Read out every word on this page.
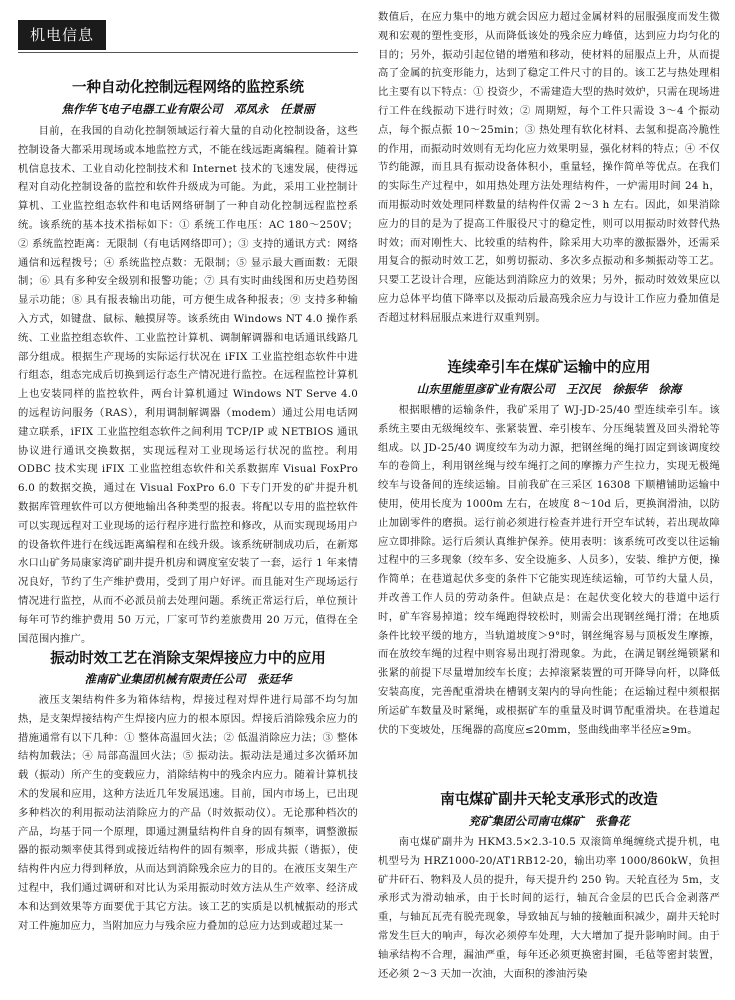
机电信息
一种自动化控制远程网络的监控系统
焦作华飞电子电器工业有限公司　邓凤永　任景丽

目前，在我国的自动化控制领域运行着大量的自动化控制设备，这些控制设备大都采用现场或本地监控方式，不能在线远距离编程。随着计算机信息技术、工业自动化控制技术和 Internet 技术的飞速发展，使得远程对自动化控制设备的监控和软件升级成为可能。为此，采用工业控制计算机、工业监控组态软件和电话网络研制了一种自动化控制远程监控系统。该系统的基本技术指标如下：① 系统工作电压：AC 180～250V；② 系统监控距离：无限制（有电话网络即可）；③ 支持的通讯方式：网络通信和远程拨号；④ 系统监控点数：无限制；⑤ 显示最大画面数：无限制；⑥ 具有多种安全级别和报警功能；⑦ 具有实时曲线图和历史趋势图显示功能；⑧ 具有报表输出功能，可方便生成各种报表；⑨ 支持多种输入方式，如键盘、鼠标、触摸屏等。该系统由 Windows NT 4.0 操作系统、工业监控组态软件、工业监控计算机、调制解调器和电话通讯线路几部分组成。根据生产现场的实际运行状况在 iFIX 工业监控组态软件中进行组态，组态完成后切换到运行态生产情况进行监控。在远程监控计算机上也安装同样的监控软件，两台计算机通过 Windows NT Serve 4.0 的远程访问服务（RAS），利用调制解调器（modem）通过公用电话网建立联系，iFIX 工业监控组态软件之间利用 TCP/IP 或 NETBIOS 通讯协议进行通讯交换数据，实现远程对工业现场运行状况的监控。利用 ODBC 技术实现 iFIX 工业监控组态软件和关系数据库 Visual FoxPro 6.0 的数据交换，通过在 Visual FoxPro 6.0 下专门开发的矿井提升机数据库管理软件可以方便地输出各种类型的报表。将配以专用的监控软件可以实现远程对工业现场的运行程序进行监控和修改，从而实现现场用户的设备软件进行在线远距离编程和在线升级。该系统研制成功后，在新郑水口山矿务局康家湾矿副井提升机房和调度室安装了一套，运行 1 年来情况良好，节约了生产维护费用，受到了用户好评。而且能对生产现场运行情况进行监控，从而不必派员前去处理问题。系统正常运行后，单位预计每年可节约维护费用 50 万元，厂家可节约差旅费用 20 万元，值得在全国范围内推广。

振动时效工艺在消除支架焊接应力中的应用
淮南矿业集团机械有限责任公司　张廷华

液压支架结构件多为箱体结构，焊接过程对焊件进行局部不均匀加热，是支架焊接结构产生焊接内应力的根本原因。焊接后消除残余应力的措施通常有以下几种：① 整体高温回火法；② 低温消除应力法；③ 整体结构加载法；④ 局部高温回火法；⑤ 振动法。振动法是通过多次循环加载（振动）所产生的变载应力，消除结构中的残余内应力。随着计算机技术的发展和应用，这种方法近几年发展迅速。目前，国内市场上，已出现多种档次的利用振动法消除应力的产品（时效振动仪）。无论那种档次的产品，均基于同一个原理，即通过测量结构件自身的固有频率，调整激振器的振动频率使其得到或接近结构件的固有频率，形成共振（谐振），使结构件内应力得到释放，从而达到消除残余应力的目的。在液压支架生产过程中，我们通过调研和对比认为采用振动时效方法从生产效率、经济成本和达到效果等方面要优于其它方法。该工艺的实质是以机械振动的形式对工件施加应力，当附加应力与残余应力叠加的总应力达到或超过某一

数值后，在应力集中的地方就会因应力超过金属材料的屈服强度而发生微观和宏观的塑性变形，从而降低该处的残余应力峰值，达到应力均匀化的目的；另外，振动引起位错的增殖和移动，使材料的屈服点上升，从而提高了金属的抗变形能力，达到了稳定工件尺寸的目的。该工艺与热处理相比主要有以下特点：① 投资少，不需建造大型的热时效炉，只需在现场进行工件在线振动下进行时效；② 周期短，每个工件只需设 3～4 个振动点，每个振点振 10～25min；③ 热处理有软化材料、去氢和提高冷脆性的作用，而振动时效则有无均化应力效果明显，强化材料的特点；④ 不仅节约能源，而且具有振动设备体积小，重量轻，操作简单等优点。在我们的实际生产过程中，如用热处理方法处理结构件，一炉需用时间 24 h，而用振动时效处理同样数量的结构件仅需 2～3 h 左右。因此，如果消除应力的目的是为了提高工件服役尺寸的稳定性，则可以用振动时效替代热时效；而对刚性大、比较重的结构件，除采用大功率的激振器外，还需采用复合的振动时效工艺，如剪切振动、多次多点振动和多频振动等工艺。只要工艺设计合理，应能达到消除应力的效果；另外，振动时效效果应以应力总体平均值下降率以及振动后最高残余应力与设计工作应力叠加值是否超过材料屈服点来进行双重判别。

连续牵引车在煤矿运输中的应用
山东里能里彦矿业有限公司　王汉民　徐振华　徐海

根据眼槽的运输条件，我矿采用了 WJ-JD-25/40 型连续牵引车。该系统主要由无级绳绞车、张紧装置、牵引梭车、分压绳装置及回头滑轮等组成。以 JD-25/40 调度绞车为动力源，把钢丝绳的绳打固定到该调度绞车的卷筒上，利用钢丝绳与绞车绳打之间的摩擦力产生拉力，实现无极绳绞车与设备间的连续运输。目前我矿在三采区 16308 下顺槽铺助运输中使用，使用长度为 1000m 左右，在坡度 8～10d 后，更换润滑油，以防止加剧零件的磨损。运行前必须进行检查并进行开空车试转，若出现故障应立即排除。运行后须认真维护保养。使用表明：该系统可改变以往运输过程中的三多现象（绞车多、安全设施多、人员多），安装、维护方便，操作简单；在巷道起伏多变的条件下它能实现连续运输，可节约大量人员，并改善工作人员的劳动条件。但缺点是：在起伏变化较大的巷道中运行时，矿车容易掉道；绞车绳跑得较松时，则需会出现钢丝绳打滑；在地质条件比较平缓的地方，当轨道坡度＞9°时，钢丝绳容易与顶板发生摩擦，而在放绞车绳的过程中则容易出现打滑现象。为此，在满足钢丝绳锁紧和张紧的前提下尽量增加绞车长度；去掉滚紧装置的可开降导向杆，以降低安装高度，完善配重滑块在槽钢支架内的导向性能；在运输过程中须根据所运矿车数量及时紧绳，或根据矿车的重量及时调节配重滑块。在巷道起伏的下变坡处，压绳器的高度应≤20mm，竖曲线曲率半径应≥9m。

南屯煤矿副井天轮支承形式的改造
兖矿集团公司南屯煤矿　张鲁花

南屯煤矿副井为 HKM3.5×2.3-10.5 双滚筒单绳缠绕式提升机，电机型号为 HRZ1000-20/AT1RB12-20，输出功率 1000/860kW，负担矿井矸石、物料及人员的提升，每天提升约 250 钩。天轮直径为 5m，支承形式为滑动轴承，由于长时间的运行，轴瓦合金层的巴氏合金剥落严重，与轴瓦瓦壳有脱壳现象，导致轴瓦与轴的接触面积减少，副井天轮时常发生巨大的响声，每次必须停车处理，大大增加了提升影响时间。由于轴承结构不合理，漏油严重，每年还必须更换密封圈，毛毡等密封装置，还必须 2～3 天加一次油，大面积的渗油污染
